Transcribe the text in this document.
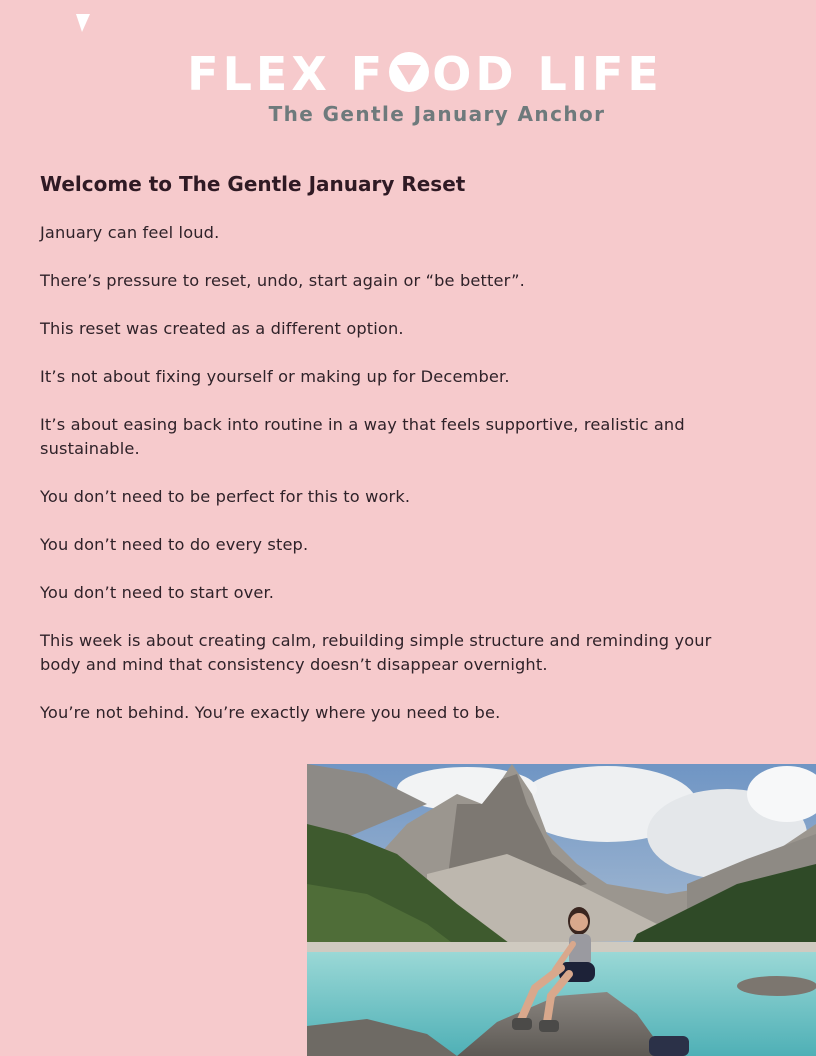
FLEX F OD LIFE
The Gentle January Anchor
Welcome to The Gentle January Reset

January can feel loud.

There’s pressure to reset, undo, start again or “be better”.

This reset was created as a different option.

It’s not about fixing yourself or making up for December.

It’s about easing back into routine in a way that feels supportive, realistic and sustainable.

You don’t need to be perfect for this to work.

You don’t need to do every step.

You don’t need to start over.

This week is about creating calm, rebuilding simple structure and reminding your body and mind that consistency doesn’t disappear overnight.

You’re not behind. You’re exactly where you need to be.
